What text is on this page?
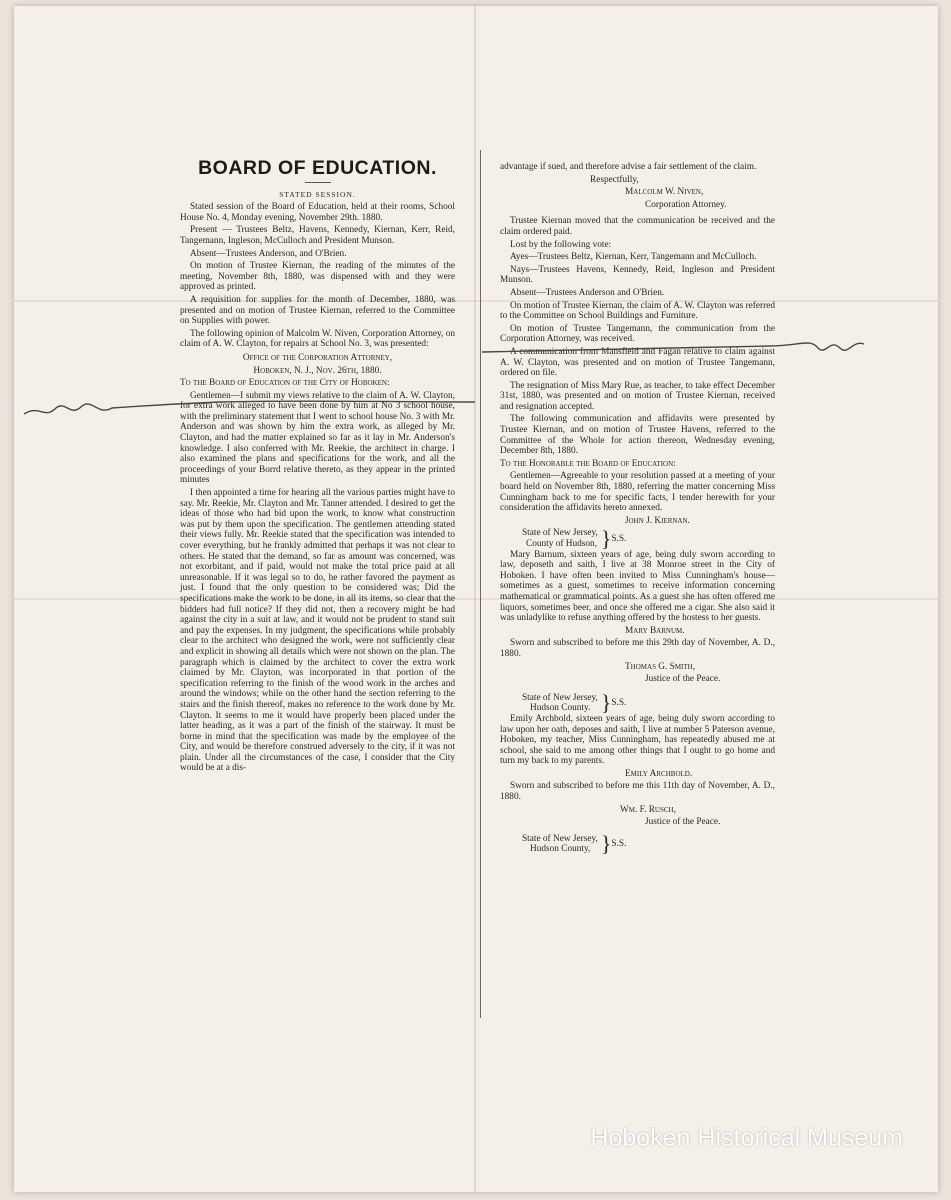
BOARD OF EDUCATION.

STATED SESSION.

Stated session of the Board of Education, held at their rooms, School House No. 4, Monday evening, November 29th. 1880.

Present — Trustees Beltz, Havens, Kennedy, Kiernan, Kerr, Reid, Tangemann, Ingleson, McCulloch and President Munson.

Absent—Trustees Anderson, and O'Brien.

On motion of Trustee Kiernan, the reading of the minutes of the meeting, November 8th, 1880, was dispensed with and they were approved as printed.

A requisition for supplies for the month of December, 1880, was presented and on motion of Trustee Kiernan, referred to the Committee on Supplies with power.

The following opinion of Malcolm W. Niven, Corporation Attorney, on claim of A. W. Clayton, for repairs at School No. 3, was presented:

Office of the Corporation Attorney,

Hoboken, N. J., Nov. 26th, 1880.

To the Board of Education of the City of Hoboken:

Gentlemen—I submit my views relative to the claim of A. W. Clayton, for extra work alleged to have been done by him at No 3 school house, with the preliminary statement that I went to school house No. 3 with Mr. Anderson and was shown by him the extra work, as alleged by Mr. Clayton, and had the matter explained so far as it lay in Mr. Anderson's knowledge. I also conferred with Mr. Reekie, the architect in charge. I also examined the plans and specifications for the work, and all the proceedings of your Borrd relative thereto, as they appear in the printed minutes

I then appointed a time for hearing all the various parties might have to say. Mr. Reekie, Mr. Clayton and Mr. Tanner attended. I desired to get the ideas of those who had bid upon the work, to know what construction was put by them upon the specification. The gentlemen attending stated their views fully. Mr. Reekie stated that the specification was intended to cover everything, but he frankly admitted that perhaps it was not clear to others. He stated that the demand, so far as amount was concerned, was not exorbitant, and if paid, would not make the total price paid at all unreasonable. If it was legal so to do, he rather favored the payment as just. I found that the only question to be considered was; Did the specifications make the work to be done, in all its items, so clear that the bidders had full notice? If they did not, then a recovery might be had against the city in a suit at law, and it would not be prudent to stand suit and pay the expenses. In my judgment, the specifications while probably clear to the architect who designed the work, were not sufficiently clear and explicit in showing all details which were not shown on the plan. The paragraph which is claimed by the architect to cover the extra work claimed by Mr. Clayton, was incorporated in that portion of the specification referring to the finish of the wood work in the arches and around the windows; while on the other hand the section referring to the stairs and the finish thereof, makes no reference to the work done by Mr. Clayton. It seems to me it would have properly been placed under the latter heading, as it was a part of the finish of the stairway. It must be borne in mind that the specification was made by the employee of the City, and would be therefore construed adversely to the city, if it was not plain. Under all the circumstances of the case, I consider that the City would be at a dis-

advantage if sued, and therefore advise a fair settlement of the claim.

Respectfully,

Malcolm W. Niven,

Corporation Attorney.

Trustee Kiernan moved that the communication be received and the claim ordered paid.

Lost by the following vote:

Ayes—Trustees Beltz, Kiernan, Kerr, Tangemann and McCulloch.

Nays—Trustees Havens, Kennedy, Reid, Ingleson and President Munson.

Absent—Trustees Anderson and O'Brien.

On motion of Trustee Kiernan, the claim of A. W. Clayton was referred to the Committee on School Buildings and Furniture.

On motion of Trustee Tangemann, the communication from the Corporation Attorney, was received.

A communication from Mansfield and Fagan relative to claim against A. W. Clayton, was presented and on motion of Trustee Tangemann, ordered on file.

The resignation of Miss Mary Rue, as teacher, to take effect December 31st, 1880, was presented and on motion of Trustee Kiernan, received and resignation accepted.

The following communication and affidavits were presented by Trustee Kiernan, and on motion of Trustee Havens, referred to the Committee of the Whole for action thereon, Wednesday evening, December 8th, 1880.

To the Honorable the Board of Education:

Gentlemen—Agreeable to your resolution passed at a meeting of your board held on November 8th, 1880, referring the matter concerning Miss Cunningham back to me for specific facts, I tender herewith for your consideration the affidavits hereto annexed.

John J. Kiernan.

State of New Jersey,
County of Hudson, } S.S.

Mary Barnum, sixteen years of age, being duly sworn according to law, deposeth and saith, I live at 38 Monroe street in the City of Hoboken. I have often been invited to Miss Cunningham's house—sometimes as a guest, sometimes to receive information concerning mathematical or grammatical points. As a guest she has often offered me liquors, sometimes beer, and once she offered me a cigar. She also said it was unladylike to refuse anything offered by the hostess to her guests.

Mary Barnum.

Sworn and subscribed to before me this 29th day of November, A. D., 1880.

Thomas G. Smith,

Justice of the Peace.

State of New Jersey,
Hudson County. } S.S.

Emily Archbold, sixteen years of age, being duly sworn according to law upon her oath, deposes and saith, I live at number 5 Paterson avenue, Hoboken, my teacher, Miss Cunningham, has repeatedly abused me at school, she said to me among other things that I ought to go home and turn my back to my parents.

Emily Archbold.

Sworn and subscribed to before me this 11th day of November, A. D., 1880.

Wm. F. Rusch,

Justice of the Peace.

State of New Jersey,
Hudson County, } S.S.
Hoboken Historical Museum
